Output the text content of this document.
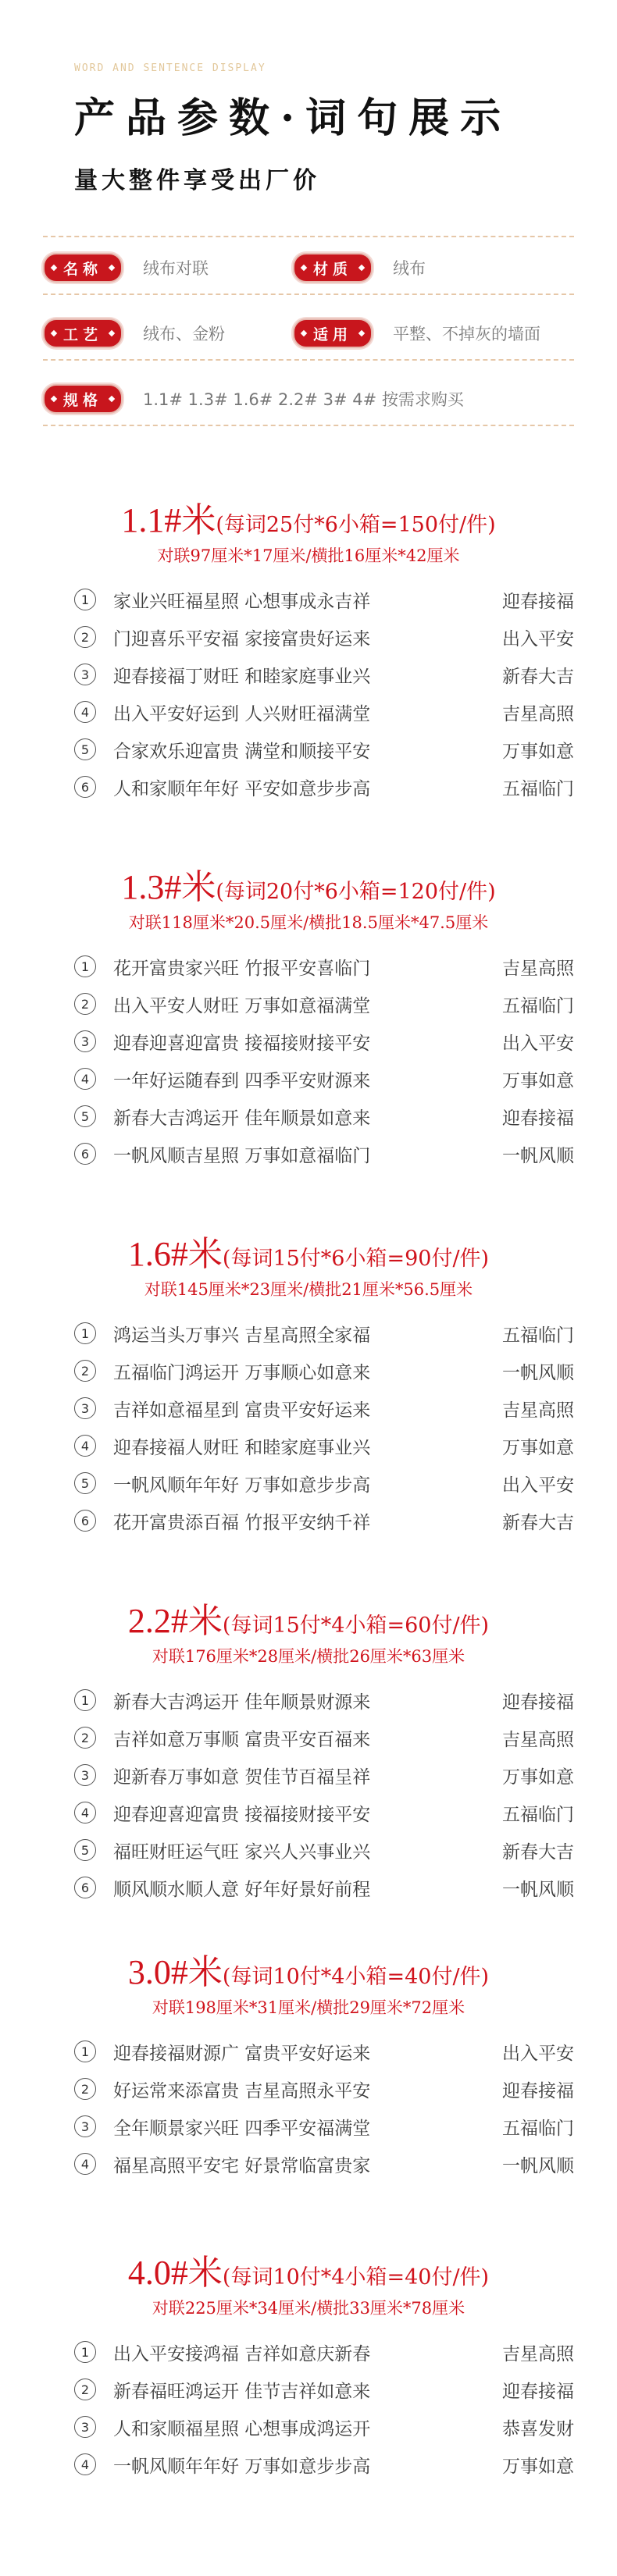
WORD AND SENTENCE DISPLAY
产品参数·词句展示
量大整件享受出厂价
名称	绒布对联	材质	绒布
工艺	绒布、金粉	适用	平整、不掉灰的墙面
规格	1.1# 1.3# 1.6# 2.2# 3# 4# 按需求购买
1.1#米(每词25付*6小箱=150付/件)
对联97厘米*17厘米/横批16厘米*42厘米
1	家业兴旺福星照 心想事成永吉祥	迎春接福
2	门迎喜乐平安福 家接富贵好运来	出入平安
3	迎春接福丁财旺 和睦家庭事业兴	新春大吉
4	出入平安好运到 人兴财旺福满堂	吉星高照
5	合家欢乐迎富贵 满堂和顺接平安	万事如意
6	人和家顺年年好 平安如意步步高	五福临门
1.3#米(每词20付*6小箱=120付/件)
对联118厘米*20.5厘米/横批18.5厘米*47.5厘米
1	花开富贵家兴旺 竹报平安喜临门	吉星高照
2	出入平安人财旺 万事如意福满堂	五福临门
3	迎春迎喜迎富贵 接福接财接平安	出入平安
4	一年好运随春到 四季平安财源来	万事如意
5	新春大吉鸿运开 佳年顺景如意来	迎春接福
6	一帆风顺吉星照 万事如意福临门	一帆风顺
1.6#米(每词15付*6小箱=90付/件)
对联145厘米*23厘米/横批21厘米*56.5厘米
1	鸿运当头万事兴 吉星高照全家福	五福临门
2	五福临门鸿运开 万事顺心如意来	一帆风顺
3	吉祥如意福星到 富贵平安好运来	吉星高照
4	迎春接福人财旺 和睦家庭事业兴	万事如意
5	一帆风顺年年好 万事如意步步高	出入平安
6	花开富贵添百福 竹报平安纳千祥	新春大吉
2.2#米(每词15付*4小箱=60付/件)
对联176厘米*28厘米/横批26厘米*63厘米
1	新春大吉鸿运开 佳年顺景财源来	迎春接福
2	吉祥如意万事顺 富贵平安百福来	吉星高照
3	迎新春万事如意 贺佳节百福呈祥	万事如意
4	迎春迎喜迎富贵 接福接财接平安	五福临门
5	福旺财旺运气旺 家兴人兴事业兴	新春大吉
6	顺风顺水顺人意 好年好景好前程	一帆风顺
3.0#米(每词10付*4小箱=40付/件)
对联198厘米*31厘米/横批29厘米*72厘米
1	迎春接福财源广 富贵平安好运来	出入平安
2	好运常来添富贵 吉星高照永平安	迎春接福
3	全年顺景家兴旺 四季平安福满堂	五福临门
4	福星高照平安宅 好景常临富贵家	一帆风顺
4.0#米(每词10付*4小箱=40付/件)
对联225厘米*34厘米/横批33厘米*78厘米
1	出入平安接鸿福 吉祥如意庆新春	吉星高照
2	新春福旺鸿运开 佳节吉祥如意来	迎春接福
3	人和家顺福星照 心想事成鸿运开	恭喜发财
4	一帆风顺年年好 万事如意步步高	万事如意
